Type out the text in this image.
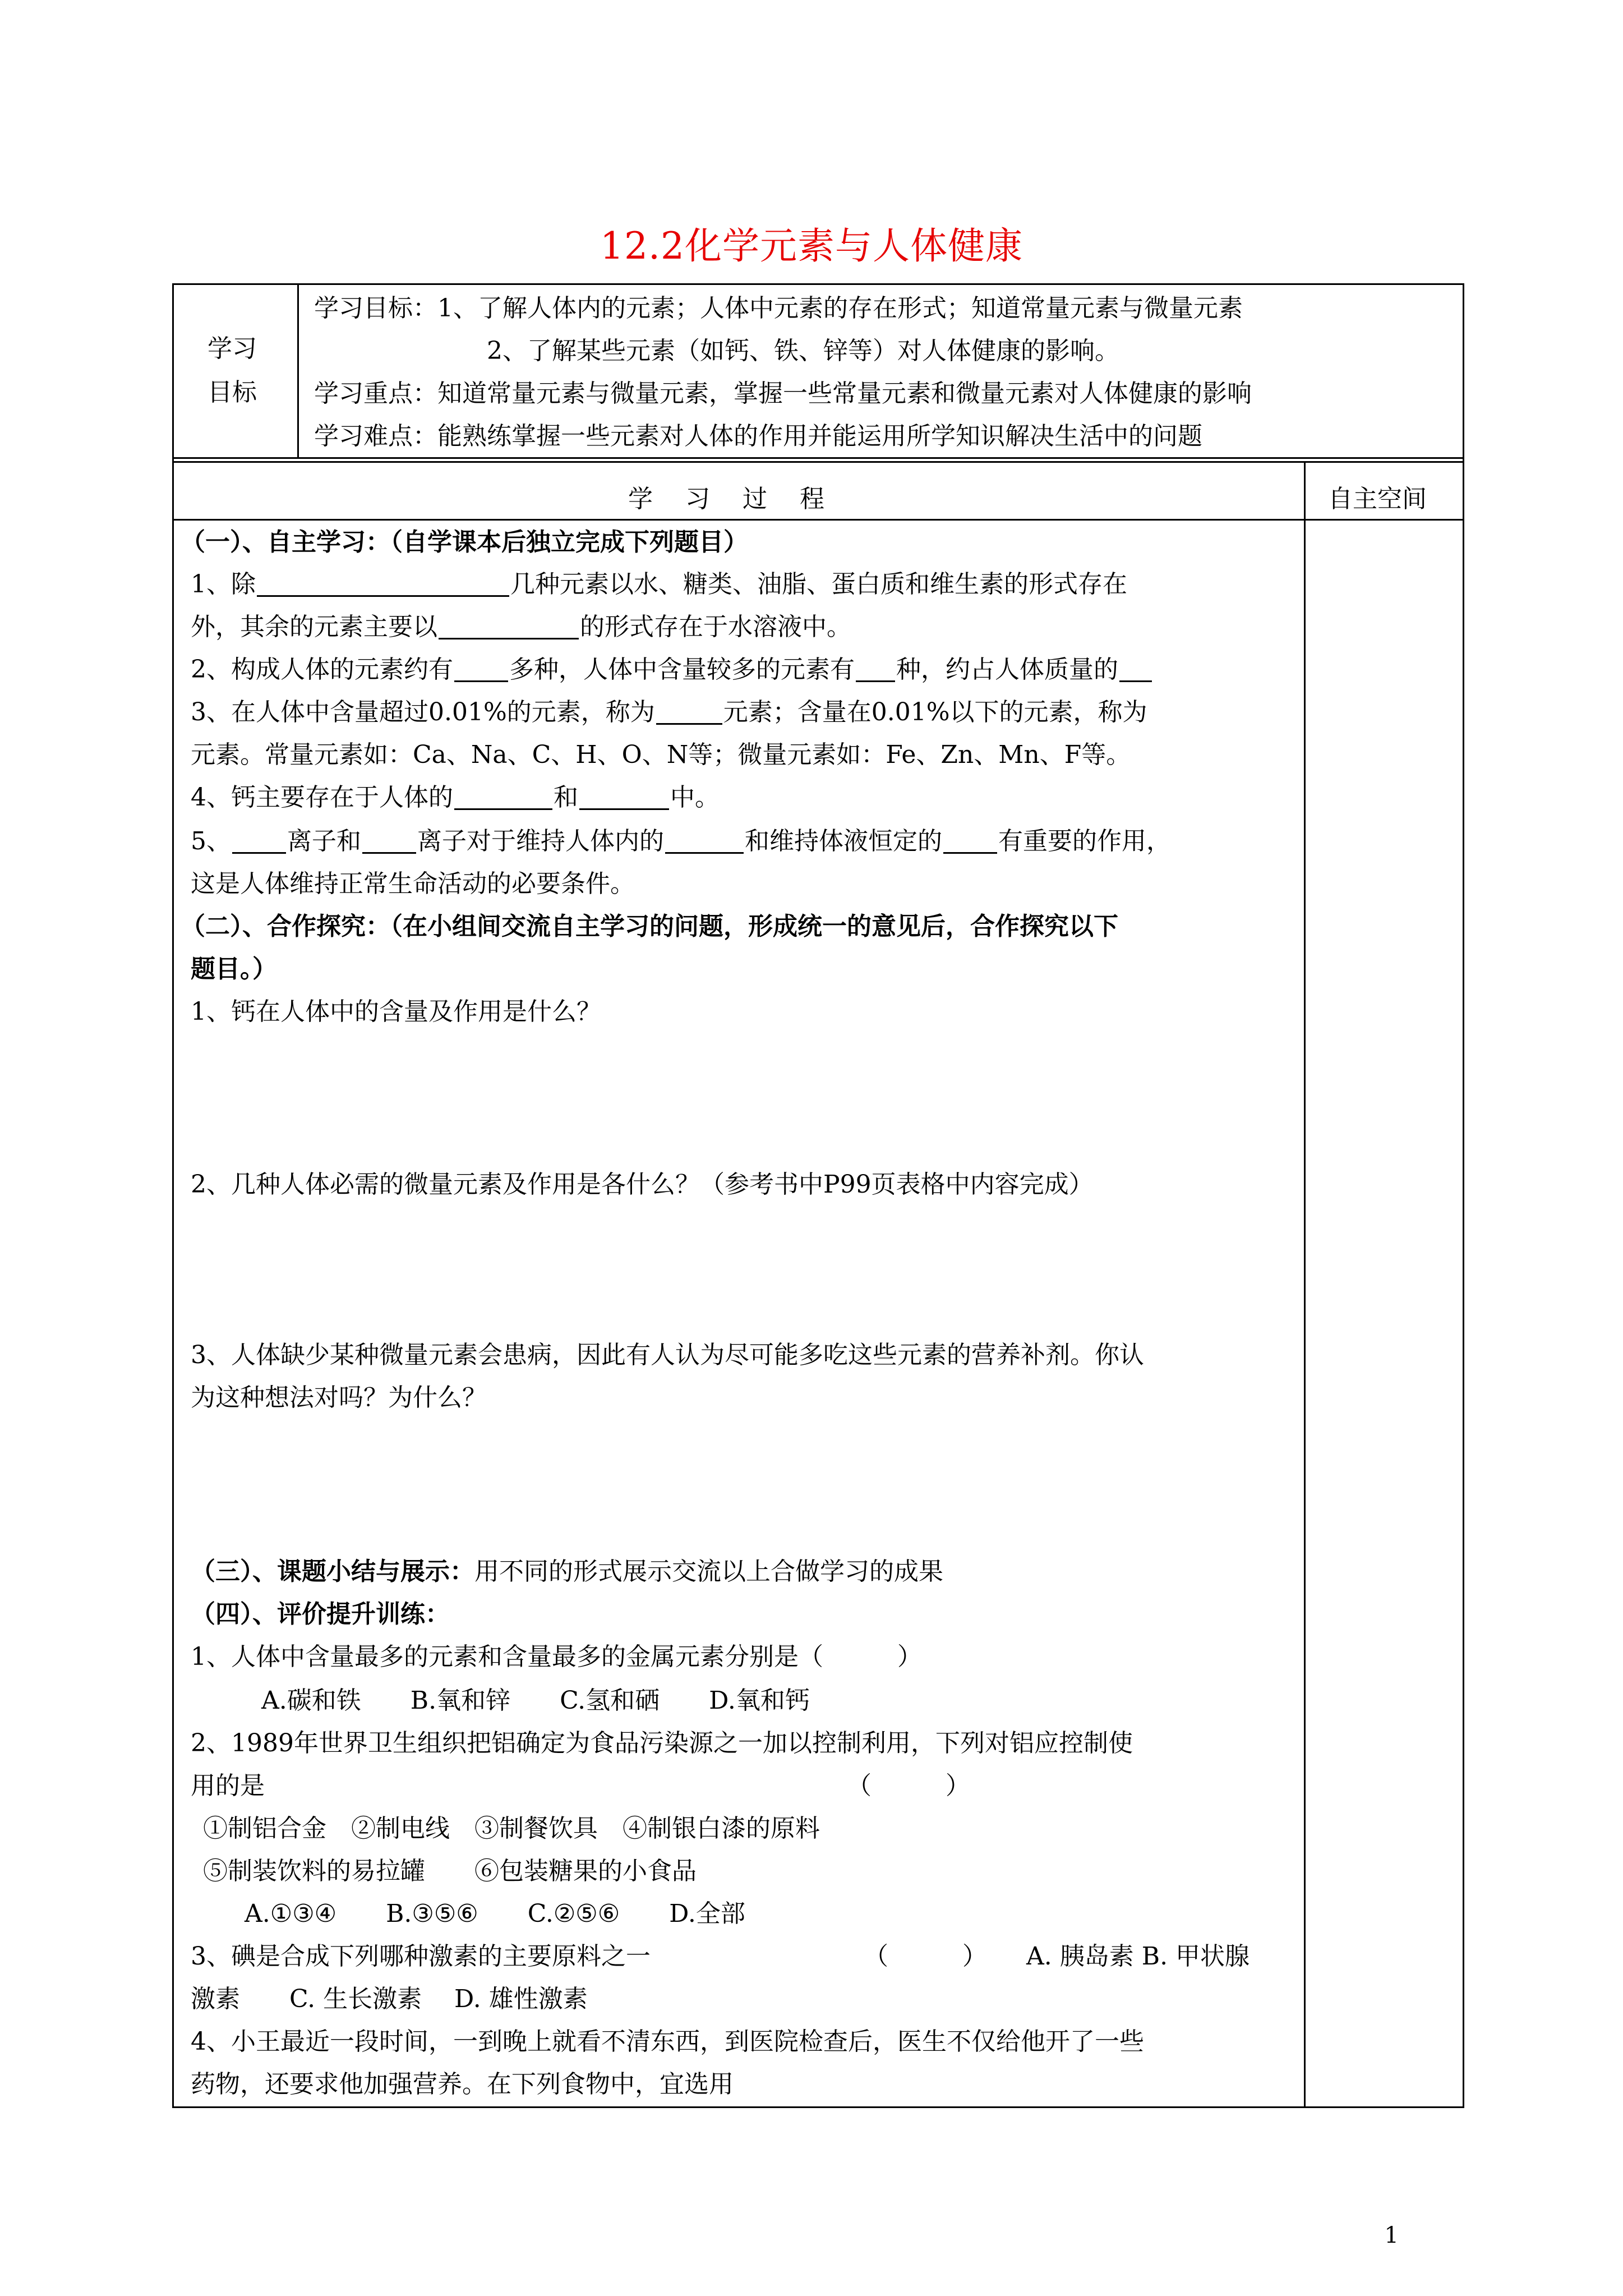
12.2化学元素与人体健康
学习
目标
学习目标：1、了解人体内的元素；人体中元素的存在形式；知道常量元素与微量元素
2、了解某些元素（如钙、铁、锌等）对人体健康的影响。
学习重点：知道常量元素与微量元素，掌握一些常量元素和微量元素对人体健康的影响
学习难点：能熟练掌握一些元素对人体的作用并能运用所学知识解决生活中的问题
学 习 过 程	自主空间
（一）、自主学习：（自学课本后独立完成下列题目）
1、除	几种元素以水、糖类、油脂、蛋白质和维生素的形式存在
外，其余的元素主要以	的形式存在于水溶液中。
2、构成人体的元素约有 多种，人体中含量较多的元素有 种，约占人体质量的
3、在人体中含量超过0.01%的元素，称为	元素；含量在0.01%以下的元素，称为
元素。常量元素如：Ca、Na、C、H、O、N等；微量元素如：Fe、Zn、Mn、F等。
4、钙主要存在于人体的	和	中。
5、 离子和 离子对于维持人体内的	和维持体液恒定的 有重要的作用，
这是人体维持正常生命活动的必要条件。
（二）、合作探究：（在小组间交流自主学习的问题，形成统一的意见后，合作探究以下
题目。）
1、钙在人体中的含量及作用是什么？
2、几种人体必需的微量元素及作用是各什么？（参考书中P99页表格中内容完成）
3、人体缺少某种微量元素会患病，因此有人认为尽可能多吃这些元素的营养补剂。你认
为这种想法对吗？为什么？
（三）、课题小结与展示：用不同的形式展示交流以上合做学习的成果
（四）、评价提升训练：
1、人体中含量最多的元素和含量最多的金属元素分别是（　　　）
A.碳和铁　　B.氧和锌　　C.氢和硒　　D.氧和钙
2、1989年世界卫生组织把铝确定为食品污染源之一加以控制利用，下列对铝应控制使
用的是	（　　　）
①制铝合金　②制电线　③制餐饮具　④制银白漆的原料
⑤制装饮料的易拉罐　　⑥包装糖果的小食品
A.①③④　　B.③⑤⑥　　C.②⑤⑥　　D.全部
3、碘是合成下列哪种激素的主要原料之一	（　　　） A. 胰岛素 B. 甲状腺
激素　　C. 生长激素　 D. 雄性激素
4、小王最近一段时间，一到晚上就看不清东西，到医院检查后，医生不仅给他开了一些
药物，还要求他加强营养。在下列食物中，宜选用
1
